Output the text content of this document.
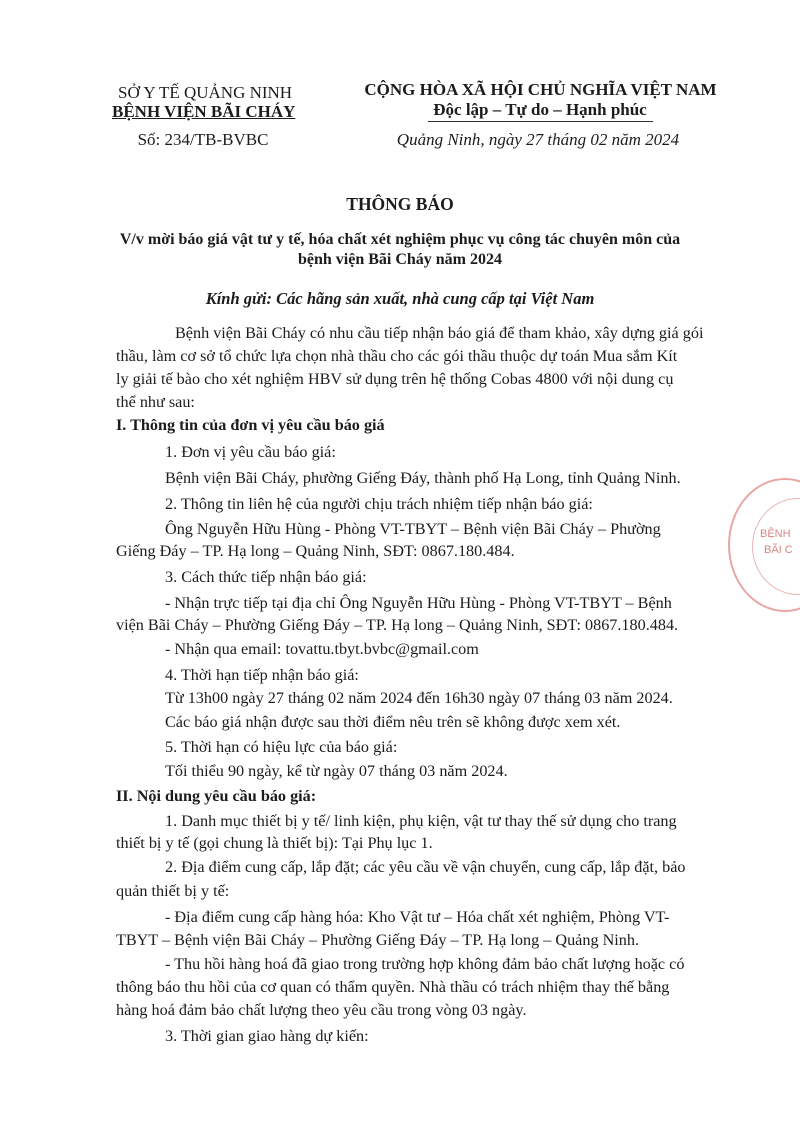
SỞ Y TẾ QUẢNG NINH
BỆNH VIỆN BÃI CHÁY
Số: 234/TB-BVBC
CỘNG HÒA XÃ HỘI CHỦ NGHĨA VIỆT NAM
Độc lập – Tự do – Hạnh phúc
Quảng Ninh, ngày 27 tháng 02 năm 2024
THÔNG BÁO
V/v mời báo giá vật tư y tế, hóa chất xét nghiệm phục vụ công tác chuyên môn của
bệnh viện Bãi Cháy năm 2024
Kính gửi: Các hãng sản xuất, nhà cung cấp tại Việt Nam
Bệnh viện Bãi Cháy có nhu cầu tiếp nhận báo giá để tham khảo, xây dựng giá gói
thầu, làm cơ sở tổ chức lựa chọn nhà thầu cho các gói thầu thuộc dự toán Mua sắm Kít
ly giải tế bào cho xét nghiệm HBV sử dụng trên hệ thống Cobas 4800 với nội dung cụ
thể như sau:
I. Thông tin của đơn vị yêu cầu báo giá
1. Đơn vị yêu cầu báo giá:
Bệnh viện Bãi Cháy, phường Giếng Đáy, thành phố Hạ Long, tỉnh Quảng Ninh.
2. Thông tin liên hệ của người chịu trách nhiệm tiếp nhận báo giá:
Ông Nguyễn Hữu Hùng - Phòng VT-TBYT – Bệnh viện Bãi Cháy – Phường
Giếng Đáy – TP. Hạ long – Quảng Ninh, SĐT: 0867.180.484.
3. Cách thức tiếp nhận báo giá:
- Nhận trực tiếp tại địa chỉ Ông Nguyễn Hữu Hùng - Phòng VT-TBYT – Bệnh
viện Bãi Cháy – Phường Giếng Đáy – TP. Hạ long – Quảng Ninh, SĐT: 0867.180.484.
- Nhận qua email: tovattu.tbyt.bvbc@gmail.com
4. Thời hạn tiếp nhận báo giá:
Từ 13h00 ngày 27 tháng 02 năm 2024 đến 16h30 ngày 07 tháng 03 năm 2024.
Các báo giá nhận được sau thời điểm nêu trên sẽ không được xem xét.
5. Thời hạn có hiệu lực của báo giá:
Tối thiểu 90 ngày, kể từ ngày 07 tháng 03 năm 2024.
II. Nội dung yêu cầu báo giá:
1. Danh mục thiết bị y tế/ linh kiện, phụ kiện, vật tư thay thế sử dụng cho trang
thiết bị y tế (gọi chung là thiết bị): Tại Phụ lục 1.
2. Địa điểm cung cấp, lắp đặt; các yêu cầu về vận chuyển, cung cấp, lắp đặt, bảo
quản thiết bị y tế:
- Địa điểm cung cấp hàng hóa: Kho Vật tư – Hóa chất xét nghiệm, Phòng VT-
TBYT – Bệnh viện Bãi Cháy – Phường Giếng Đáy – TP. Hạ long – Quảng Ninh.
- Thu hồi hàng hoá đã giao trong trường hợp không đảm bảo chất lượng hoặc có
thông báo thu hồi của cơ quan có thẩm quyền. Nhà thầu có trách nhiệm thay thế bằng
hàng hoá đảm bảo chất lượng theo yêu cầu trong vòng 03 ngày.
3. Thời gian giao hàng dự kiến:
BỆNH
BÃI C
